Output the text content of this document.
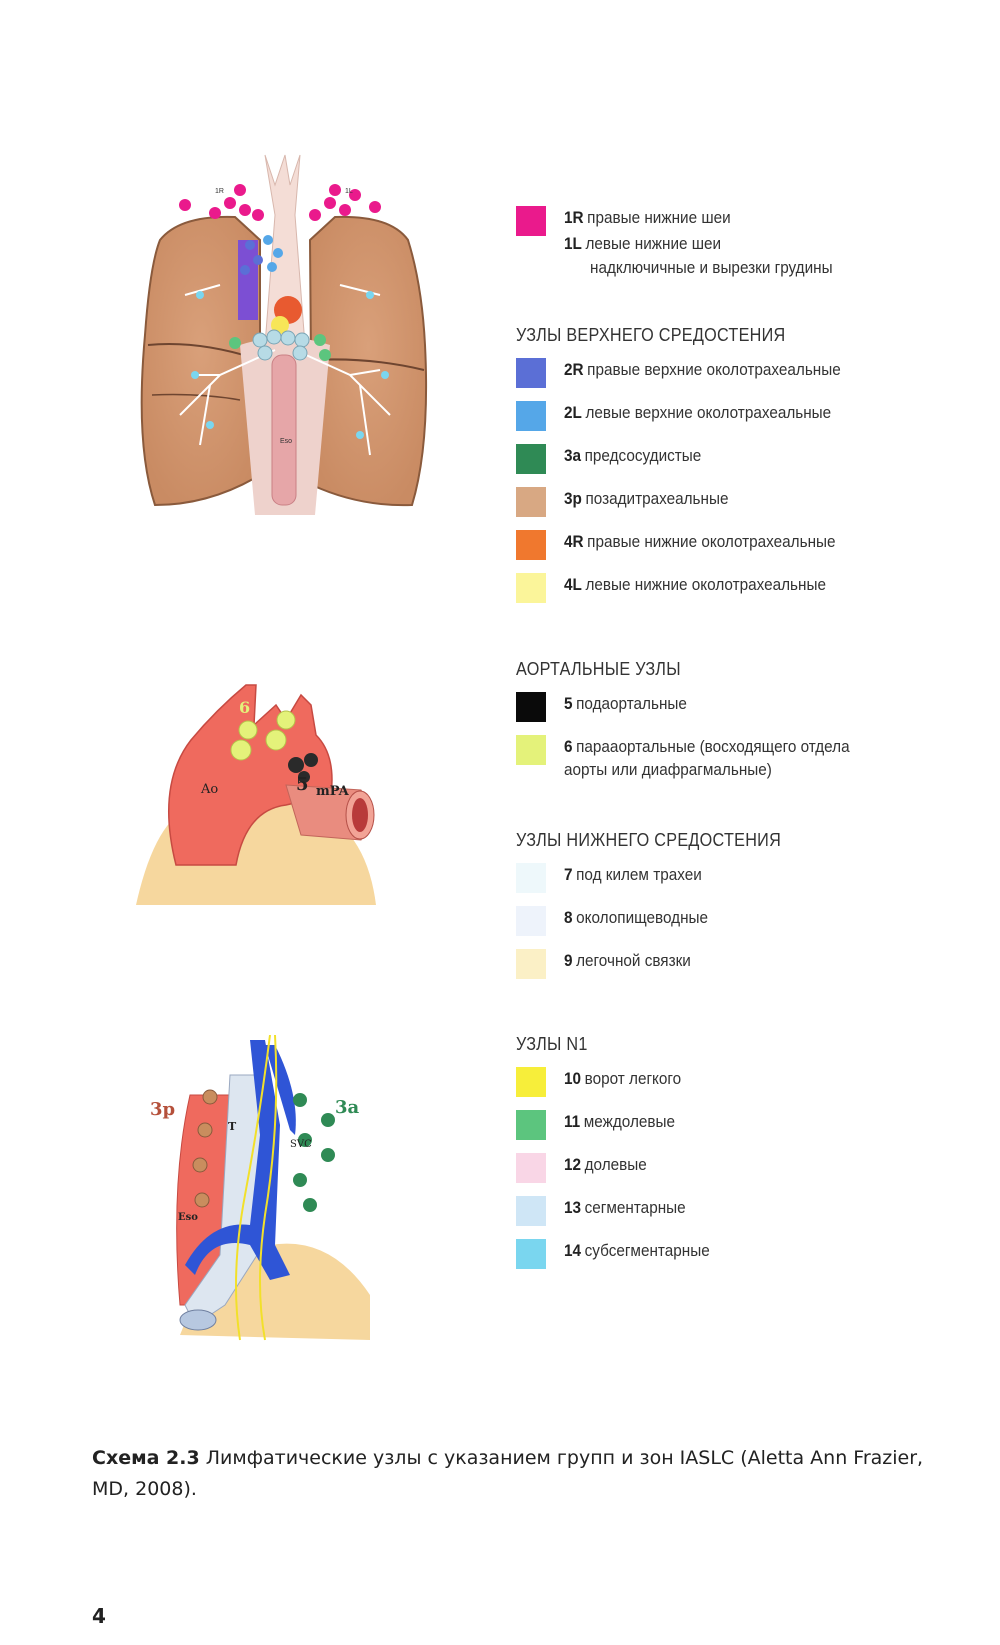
1R	1L
Eso
6
5
Ao	mPA
3p	3a
T
SVC
Eso
1R правые нижние шеи
1L левые нижние шеи
надключичные и вырезки грудины
УЗЛЫ ВЕРХНЕГО СРЕДОСТЕНИЯ
2R правые верхние околотрахеальные
2L левые верхние околотрахеальные
3a предсосудистые
3p позадитрахеальные
4R правые нижние околотрахеальные
4L левые нижние околотрахеальные
АОРТАЛЬНЫЕ УЗЛЫ
5 подаортальные
6 парааортальные (восходящего отдела
аорты или диафрагмальные)
УЗЛЫ НИЖНЕГО СРЕДОСТЕНИЯ
7 под килем трахеи
8 околопищеводные
9 легочной связки
УЗЛЫ N1
10 ворот легкого
11 междолевые
12 долевые
13 сегментарные
14 субсегментарные
Схема 2.3 Лимфатические узлы с указанием групп и зон IASLC (Aletta Ann Frazier, MD, 2008).
4
